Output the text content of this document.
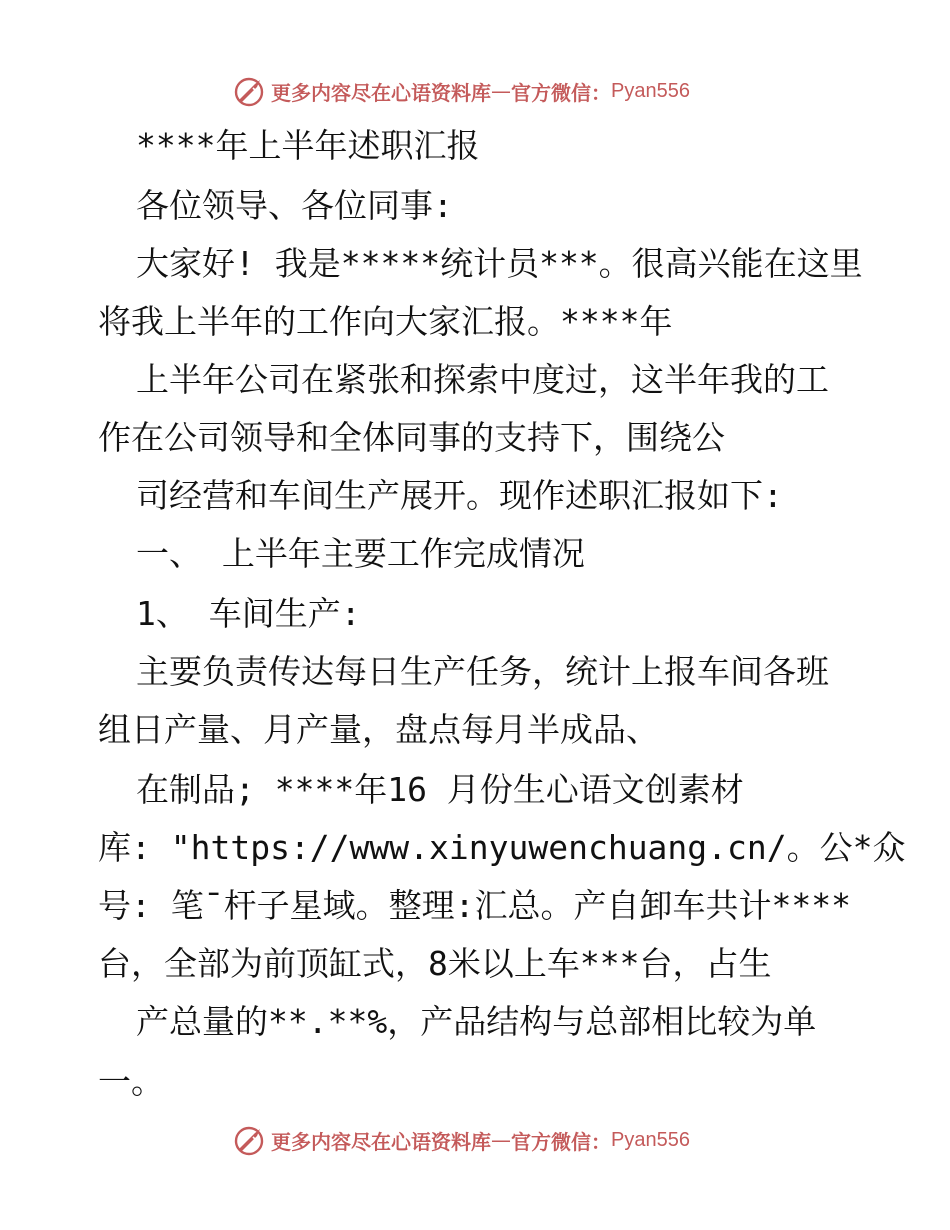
更多内容尽在心语资料库 — 官方微信： Pyan556
****年上半年述职汇报
各位领导、各位同事:
大家好! 我是*****统计员***。很高兴能在这里
将我上半年的工作向大家汇报。****年
上半年公司在紧张和探索中度过，这半年我的工
作在公司领导和全体同事的支持下，围绕公
司经营和车间生产展开。现作述职汇报如下:
一、 上半年主要工作完成情况
1、 车间生产:
主要负责传达每日生产任务，统计上报车间各班
组日产量、月产量，盘点每月半成品、
在制品; ****年16 月份生心语文创素材
库: "https://www.xinyuwenchuang.cn/。公*众
号: 笔¯杆子星域。整理:汇总。产自卸车共计****
台，全部为前顶缸式，8米以上车***台，占生
产总量的**.**%，产品结构与总部相比较为单
一。
更多内容尽在心语资料库 — 官方微信： Pyan556
